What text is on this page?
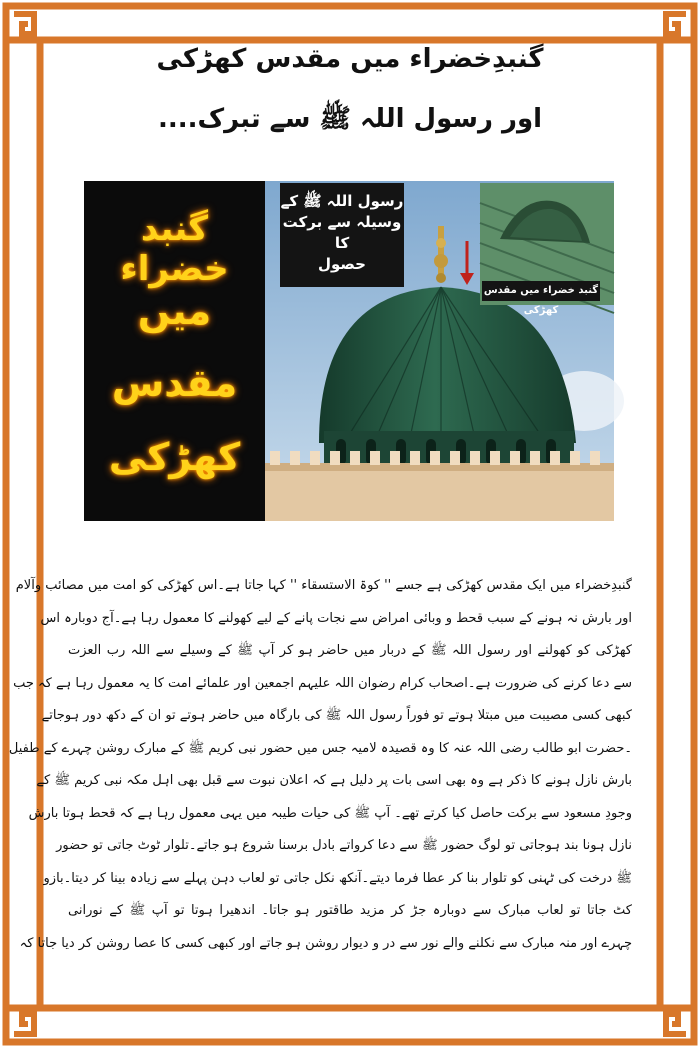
گنبدِخضراء میں مقدس کھڑکی
اور رسول اللہ ﷺ سے تبرک....
گنبد خضراء
میں
مقدس
کھڑکی
رسول اللہ ﷺ کے
وسیلہ سے برکت کا
حصول
گنبد خضراء میں مقدس کھڑکی
گنبدِخضراء میں ایک مقدس کھڑکی ہے جسے '' کوۃ الاستسقاء '' کہا جاتا ہے۔اس کھڑکی کو امت میں مصائب وآلام
اور بارش نہ ہونے کے سبب قحط و وبائی امراض سے نجات پانے کے لیے کھولنے کا معمول رہا ہے۔آج دوبارہ اس
کھڑکی کو کھولنے اور رسول اللہ ﷺ کے دربار میں حاضر ہو کر آپ ﷺ کے وسیلے سے اللہ رب العزت
سے دعا کرنے کی ضرورت ہے۔اصحاب کرام رضوان اللہ علیہم اجمعین اور علمائے امت کا یہ معمول رہا ہے کہ جب
کبھی کسی مصیبت میں مبتلا ہوتے تو فوراً رسول اللہ ﷺ کی بارگاہ میں حاضر ہوتے تو ان کے دکھ دور ہوجاتے
۔حضرت ابو طالب رضی اللہ عنہ کا وہ قصیدہ لامیہ جس میں حضور نبی کریم ﷺ کے مبارک روشن چہرے کے طفیل
بارش نازل ہونے کا ذکر ہے وہ بھی اسی بات پر دلیل ہے کہ اعلان نبوت سے قبل بھی اہل مکہ نبی کریم ﷺ کے
وجودِ مسعود سے برکت حاصل کیا کرتے تھے۔ آپ ﷺ کی حیات طیبہ میں یہی معمول رہا ہے کہ قحط ہوتا بارش
نازل ہونا بند ہوجاتی تو لوگ حضور ﷺ سے دعا کرواتے بادل برسنا شروع ہو جاتے۔تلوار ٹوٹ جاتی تو حضور
ﷺ درخت کی ٹہنی کو تلوار بنا کر عطا فرما دیتے۔آنکھ نکل جاتی تو لعاب دہن پہلے سے زیادہ بینا کر دیتا۔بازو
کٹ جاتا تو لعاب مبارک سے دوبارہ جڑ کر مزید طاقتور ہو جاتا۔ اندھیرا ہوتا تو آپ ﷺ کے نورانی
چہرے اور منہ مبارک سے نکلنے والے نور سے در و دیوار روشن ہو جاتے اور کبھی کسی کا عصا روشن کر دیا جاتا کہ
